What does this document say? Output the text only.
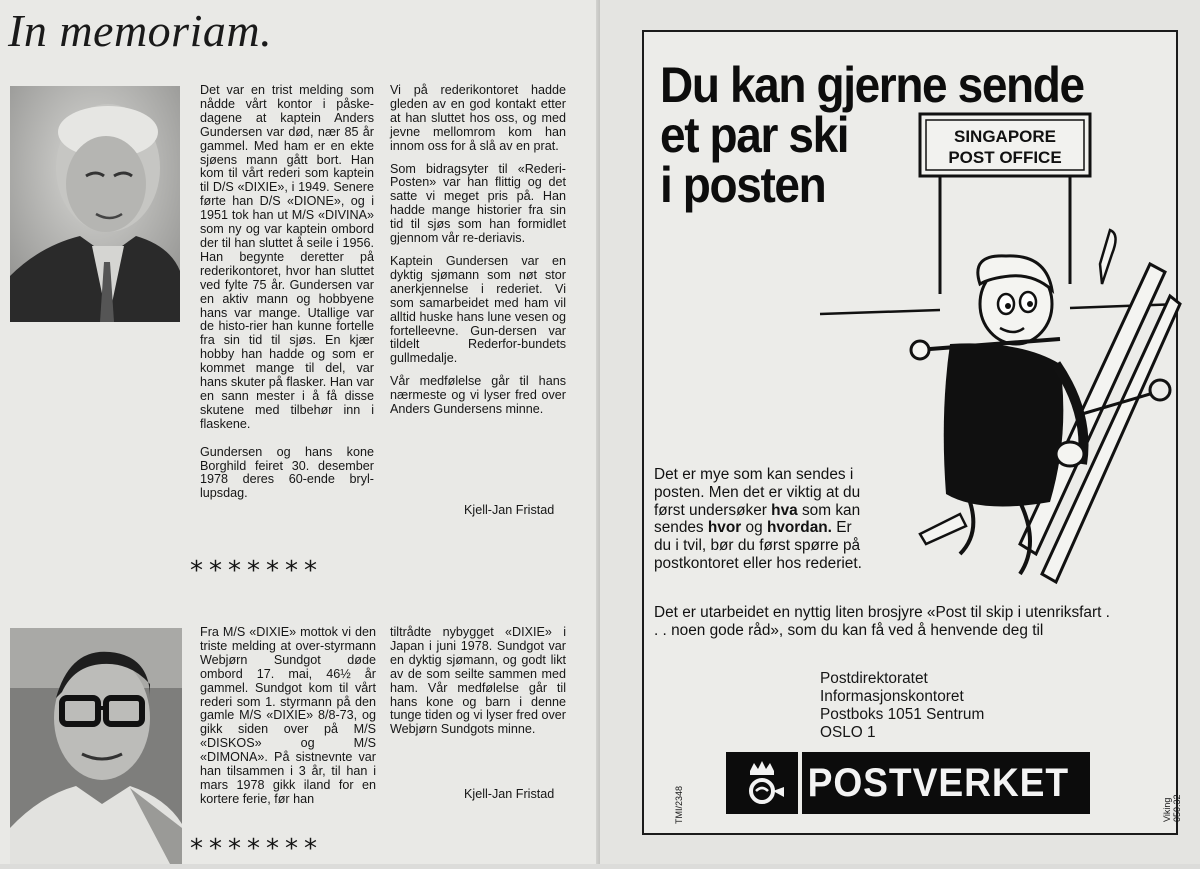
In memoriam.

Det var en trist melding som nådde vårt kontor i påske-dagene at kaptein Anders Gundersen var død, nær 85 år gammel. Med ham er en ekte sjøens mann gått bort. Han kom til vårt rederi som kaptein til D/S «DIXIE», i 1949. Senere førte han D/S «DIONE», og i 1951 tok han ut M/S «DIVINA» som ny og var kaptein ombord der til han sluttet å seile i 1956. Han begynte deretter på rederikontoret, hvor han sluttet ved fylte 75 år. Gundersen var en aktiv mann og hobbyene hans var mange. Utallige var de histo-rier han kunne fortelle fra sin tid til sjøs. En kjær hobby han hadde og som er kommet mange til del, var hans skuter på flasker. Han var en sann mester i å få disse skutene med tilbehør inn i flaskene.

Gundersen og hans kone Borghild feiret 30. desember 1978 deres 60-ende bryl-lupsdag.

Vi på rederikontoret hadde gleden av en god kontakt etter at han sluttet hos oss, og med jevne mellomrom kom han innom oss for å slå av en prat.

Som bidragsyter til «Rederi-Posten» var han flittig og det satte vi meget pris på. Han hadde mange historier fra sin tid til sjøs som han formidlet gjennom vår re-deriavis.

Kaptein Gundersen var en dyktig sjømann som nøt stor anerkjennelse i rederiet. Vi som samarbeidet med ham vil alltid huske hans lune vesen og fortelleevne. Gun-dersen var tildelt Rederfor-bundets gullmedalje.

Vår medfølelse går til hans nærmeste og vi lyser fred over Anders Gundersens minne.

Kjell-Jan Fristad
*******

Fra M/S «DIXIE» mottok vi den triste melding at over-styrmann Webjørn Sundgot døde ombord 17. mai, 46½ år gammel. Sundgot kom til vårt rederi som 1. styrmann på den gamle M/S «DIXIE» 8/8-73, og gikk siden over på M/S «DISKOS» og M/S «DIMONA». På sistnevnte var han tilsammen i 3 år, til han i mars 1978 gikk iland for en kortere ferie, før han

tiltrådte nybygget «DIXIE» i Japan i juni 1978. Sundgot var en dyktig sjømann, og godt likt av de som seilte sammen med ham. Vår medfølelse går til hans kone og barn i denne tunge tiden og vi lyser fred over Webjørn Sundgots minne.

Kjell-Jan Fristad
*******
Du kan gjerne sende
et par ski
i posten
SINGAPORE
POST OFFICE
Det er mye som kan sendes i posten. Men det er viktig at du først undersøker hva som kan sendes hvor og hvordan. Er du i tvil, bør du først spørre på postkontoret eller hos rederiet.
Det er utarbeidet en nyttig liten brosjyre «Post til skip i utenriksfart . . . noen gode råd», som du kan få ved å henvende deg til
Postdirektoratet
Informasjonskontoret
Postboks 1051 Sentrum
OSLO 1
POSTVERKET
TMI/2348	Viking 050.32
